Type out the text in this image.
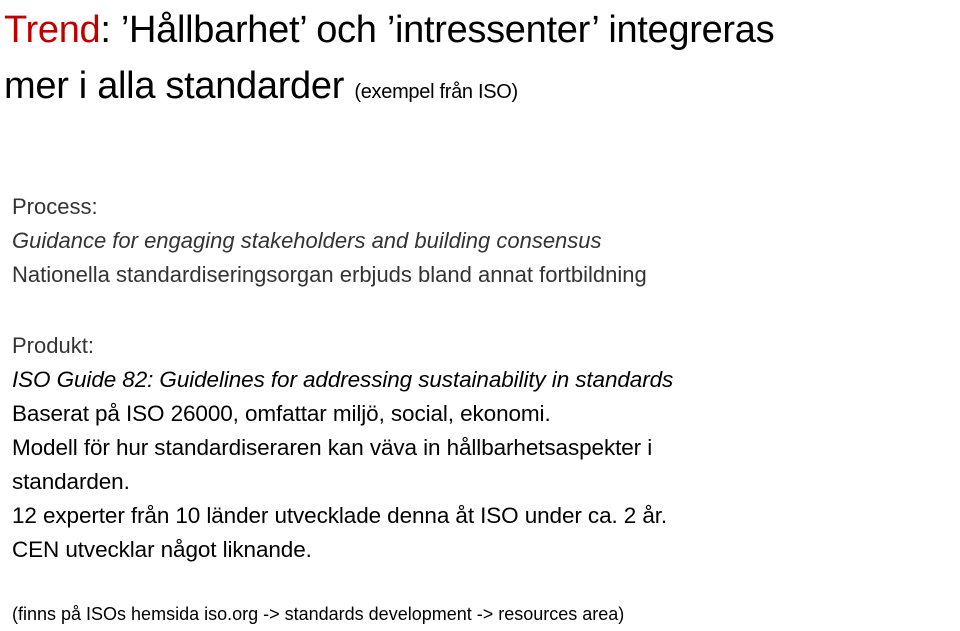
Trend: ’Hållbarhet’ och ’intressenter’ integreras
mer i alla standarder (exempel från ISO)
Process:
Guidance for engaging stakeholders and building consensus
Nationella standardiseringsorgan erbjuds bland annat fortbildning
Produkt:
ISO Guide 82: Guidelines for addressing sustainability in standards
Baserat på ISO 26000, omfattar miljö, social, ekonomi.
Modell för hur standardiseraren kan väva in hållbarhetsaspekter i
standarden.
12 experter från 10 länder utvecklade denna åt ISO under ca. 2 år.
CEN utvecklar något liknande.
(finns på ISOs hemsida iso.org -> standards development -> resources area)
